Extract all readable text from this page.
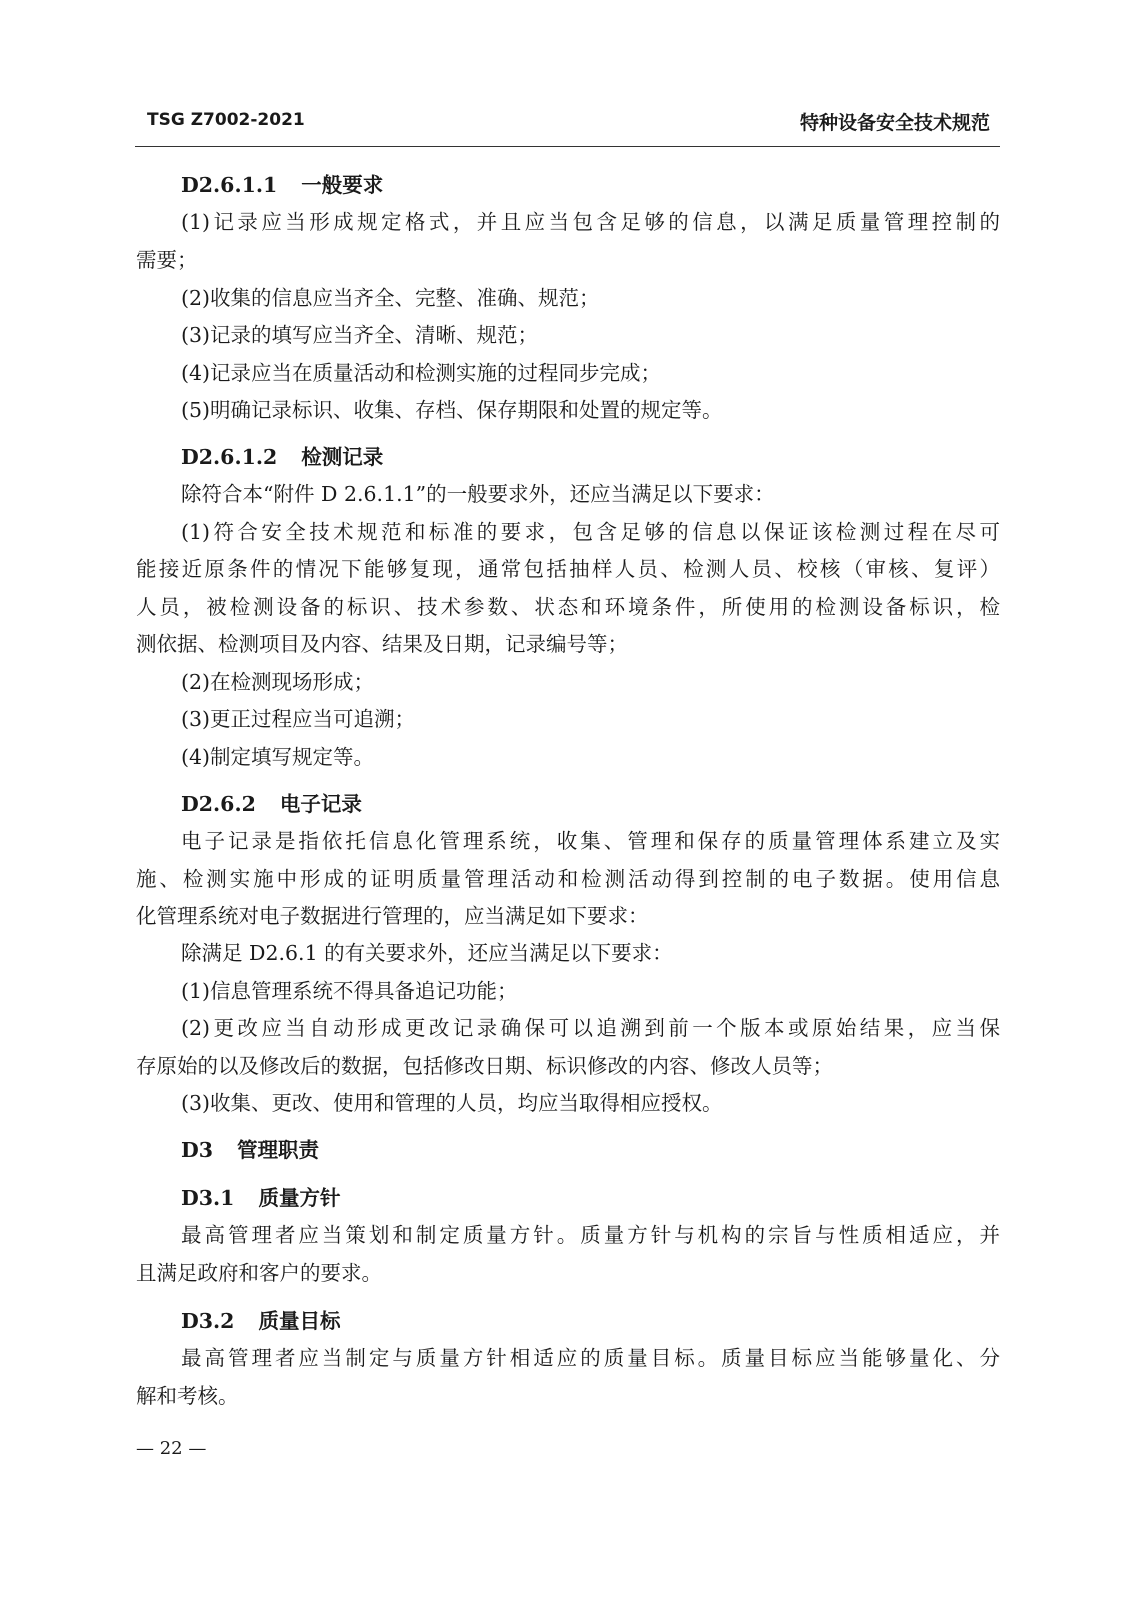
TSG Z7002-2021	特种设备安全技术规范
D2.6.1.1 一般要求
(1)记录应当形成规定格式，并且应当包含足够的信息，以满足质量管理控制的
需要；
(2)收集的信息应当齐全、完整、准确、规范；
(3)记录的填写应当齐全、清晰、规范；
(4)记录应当在质量活动和检测实施的过程同步完成；
(5)明确记录标识、收集、存档、保存期限和处置的规定等。
D2.6.1.2 检测记录
除符合本“附件 D 2.6.1.1”的一般要求外，还应当满足以下要求：
(1)符合安全技术规范和标准的要求，包含足够的信息以保证该检测过程在尽可
能接近原条件的情况下能够复现，通常包括抽样人员、检测人员、校核（审核、复评）
人员，被检测设备的标识、技术参数、状态和环境条件，所使用的检测设备标识，检
测依据、检测项目及内容、结果及日期，记录编号等；
(2)在检测现场形成；
(3)更正过程应当可追溯；
(4)制定填写规定等。
D2.6.2 电子记录
电子记录是指依托信息化管理系统，收集、管理和保存的质量管理体系建立及实
施、检测实施中形成的证明质量管理活动和检测活动得到控制的电子数据。使用信息
化管理系统对电子数据进行管理的，应当满足如下要求：
除满足 D2.6.1 的有关要求外，还应当满足以下要求：
(1)信息管理系统不得具备追记功能；
(2)更改应当自动形成更改记录确保可以追溯到前一个版本或原始结果，应当保
存原始的以及修改后的数据，包括修改日期、标识修改的内容、修改人员等；
(3)收集、更改、使用和管理的人员，均应当取得相应授权。
D3 管理职责
D3.1 质量方针
最高管理者应当策划和制定质量方针。质量方针与机构的宗旨与性质相适应，并
且满足政府和客户的要求。
D3.2 质量目标
最高管理者应当制定与质量方针相适应的质量目标。质量目标应当能够量化、分
解和考核。
— 22 —
